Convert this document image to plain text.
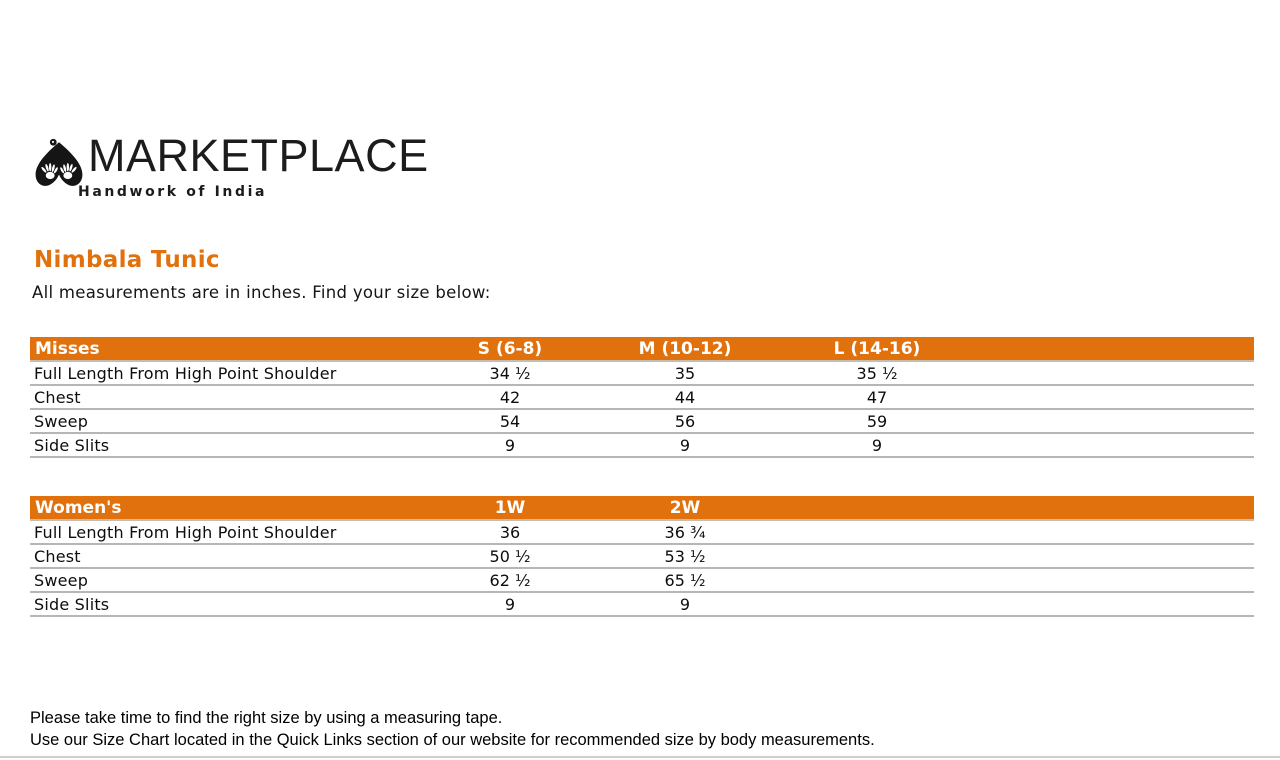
MARKETPLACE
Handwork of India
Nimbala Tunic

All measurements are in inches. Find your size below:

Misses	S (6-8)	M (10-12)	L (14-16)	
Full Length From High Point Shoulder	34 ½	35	35 ½	
Chest	42	44	47	
Sweep	54	56	59	
Side Slits	9	9	9	
Women's	1W	2W		
Full Length From High Point Shoulder	36	36 ¾		
Chest	50 ½	53 ½		
Sweep	62 ½	65 ½		
Side Slits	9	9		
Please take time to find the right size by using a measuring tape.
Use our Size Chart located in the Quick Links section of our website for recommended size by body measurements.
